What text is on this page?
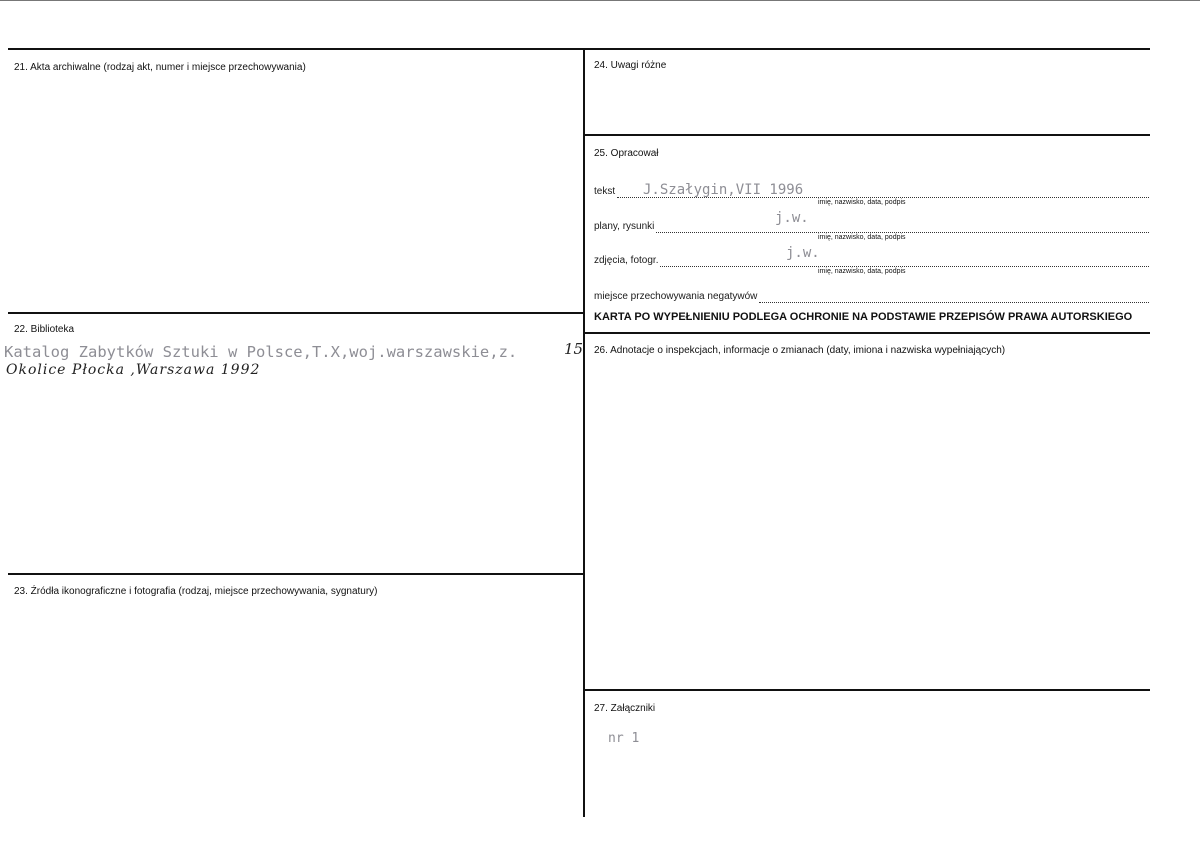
21. Akta archiwalne (rodzaj akt, numer i miejsce przechowywania)
22. Biblioteka
Katalog Zabytków Sztuki w Polsce,T.X,woj.warszawskie,z.	15
Okolice Płocka ,Warszawa 1992
23. Źródła ikonograficzne i fotografia (rodzaj, miejsce przechowywania, sygnatury)
24. Uwagi różne
25. Opracował
tekst J.Szałygin,VII 1996
imię, nazwisko, data, podpis
plany, rysunki
j.w.
imię, nazwisko, data, podpis
zdjęcia, fotogr.	j.w.
imię, nazwisko, data, podpis
miejsce przechowywania negatywów
KARTA PO WYPEŁNIENIU PODLEGA OCHRONIE NA PODSTAWIE PRZEPISÓW PRAWA AUTORSKIEGO
26. Adnotacje o inspekcjach, informacje o zmianach (daty, imiona i nazwiska wypełniających)
27. Załączniki
nr 1
